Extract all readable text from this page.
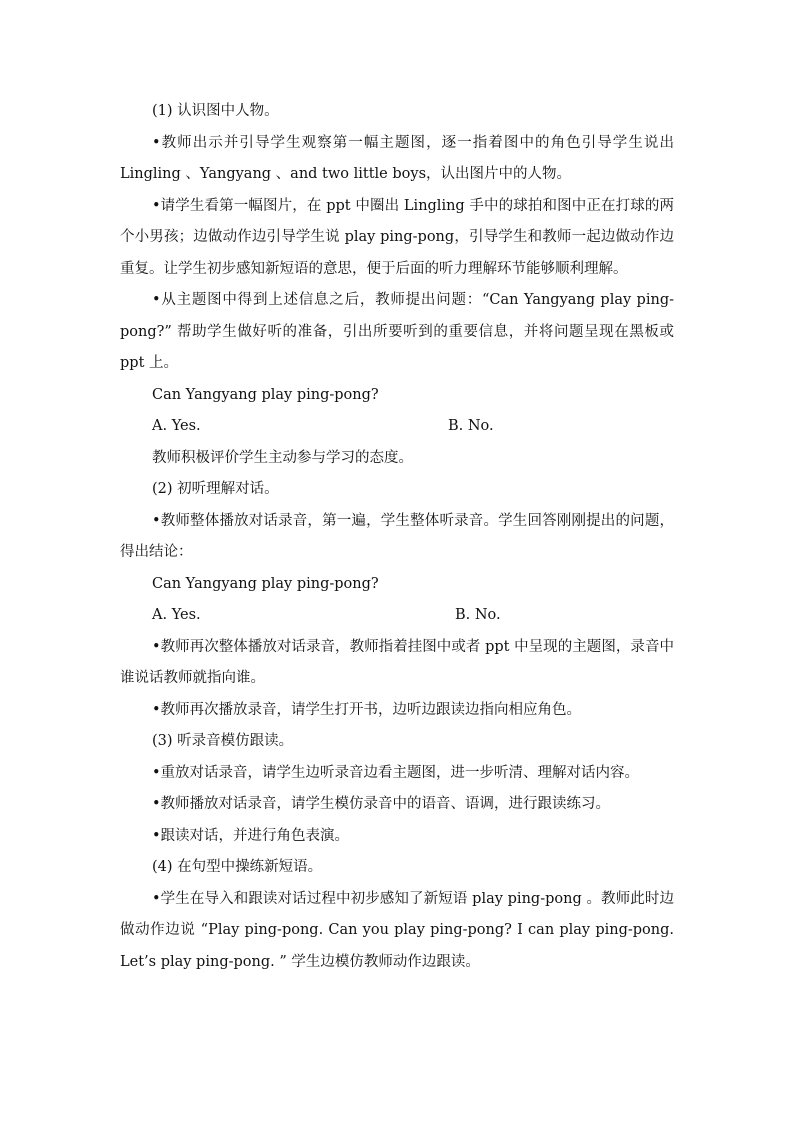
(1) 认识图中人物。

•教师出示并引导学生观察第一幅主题图，逐一指着图中的角色引导学生说出 Lingling 、Yangyang 、and two little boys，认出图片中的人物。

•请学生看第一幅图片，在 ppt 中圈出 Lingling 手中的球拍和图中正在打球的两个小男孩；边做动作边引导学生说 play ping-pong，引导学生和教师一起边做动作边重复。让学生初步感知新短语的意思，便于后面的听力理解环节能够顺利理解。

•从主题图中得到上述信息之后，教师提出问题：“Can Yangyang play ping-pong?” 帮助学生做好听的准备，引出所要听到的重要信息，并将问题呈现在黑板或 ppt 上。

Can Yangyang play ping-pong?

A. Yes.	B. No.

教师积极评价学生主动参与学习的态度。

(2) 初听理解对话。

•教师整体播放对话录音，第一遍，学生整体听录音。学生回答刚刚提出的问题，得出结论：

Can Yangyang play ping-pong?

A. Yes.	B. No.

•教师再次整体播放对话录音，教师指着挂图中或者 ppt 中呈现的主题图，录音中谁说话教师就指向谁。

•教师再次播放录音，请学生打开书，边听边跟读边指向相应角色。

(3) 听录音模仿跟读。

•重放对话录音，请学生边听录音边看主题图，进一步听清、理解对话内容。

•教师播放对话录音，请学生模仿录音中的语音、语调，进行跟读练习。

•跟读对话，并进行角色表演。

(4) 在句型中操练新短语。

•学生在导入和跟读对话过程中初步感知了新短语 play ping-pong 。教师此时边做动作边说 “Play ping-pong. Can you play ping-pong? I can play ping-pong. Let’s play ping-pong. ” 学生边模仿教师动作边跟读。
